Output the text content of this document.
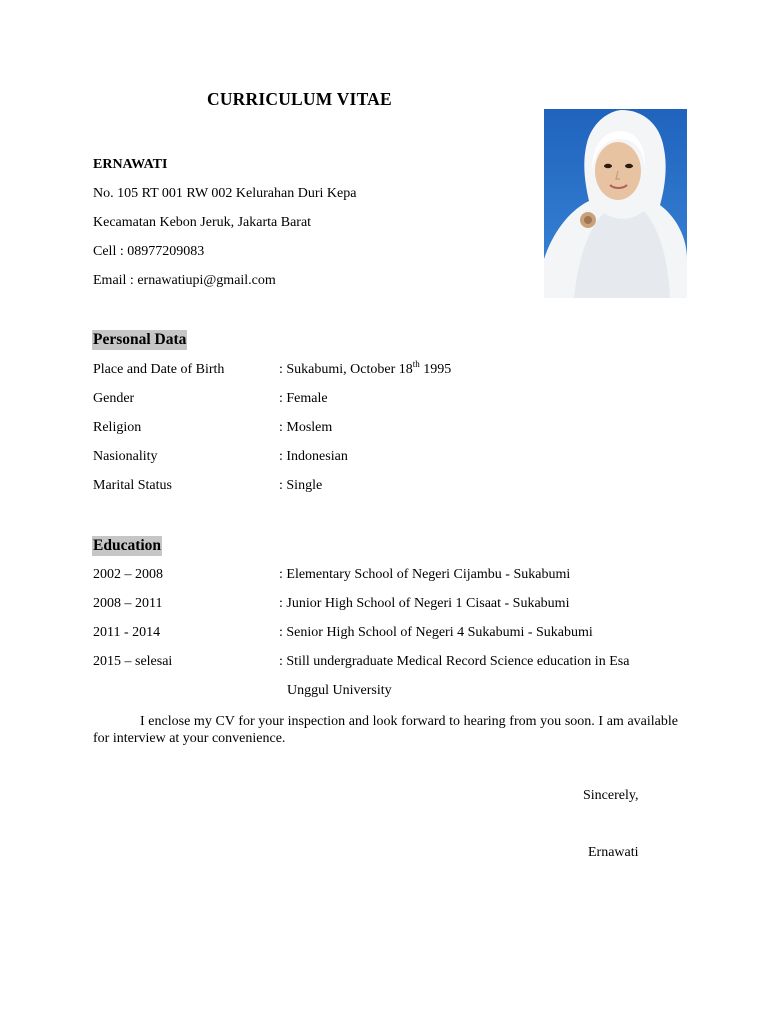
CURRICULUM VITAE
ERNAWATI
No. 105 RT 001 RW 002 Kelurahan Duri Kepa
Kecamatan Kebon Jeruk, Jakarta Barat
Cell : 08977209083
Email : ernawatiupi@gmail.com
Personal Data
Place and Date of Birth	: Sukabumi, October 18th 1995
Gender	: Female
Religion	: Moslem
Nasionality	: Indonesian
Marital Status	: Single
Education
2002 – 2008	: Elementary School of Negeri Cijambu - Sukabumi
2008 – 2011	: Junior High School of Negeri 1 Cisaat - Sukabumi
2011 - 2014	: Senior High School of Negeri 4 Sukabumi - Sukabumi
2015 – selesai	: Still undergraduate Medical Record Science education in Esa
Unggul University
I enclose my CV for your inspection and look forward to hearing from you soon. I am available for interview at your convenience.
Sincerely,
Ernawati
